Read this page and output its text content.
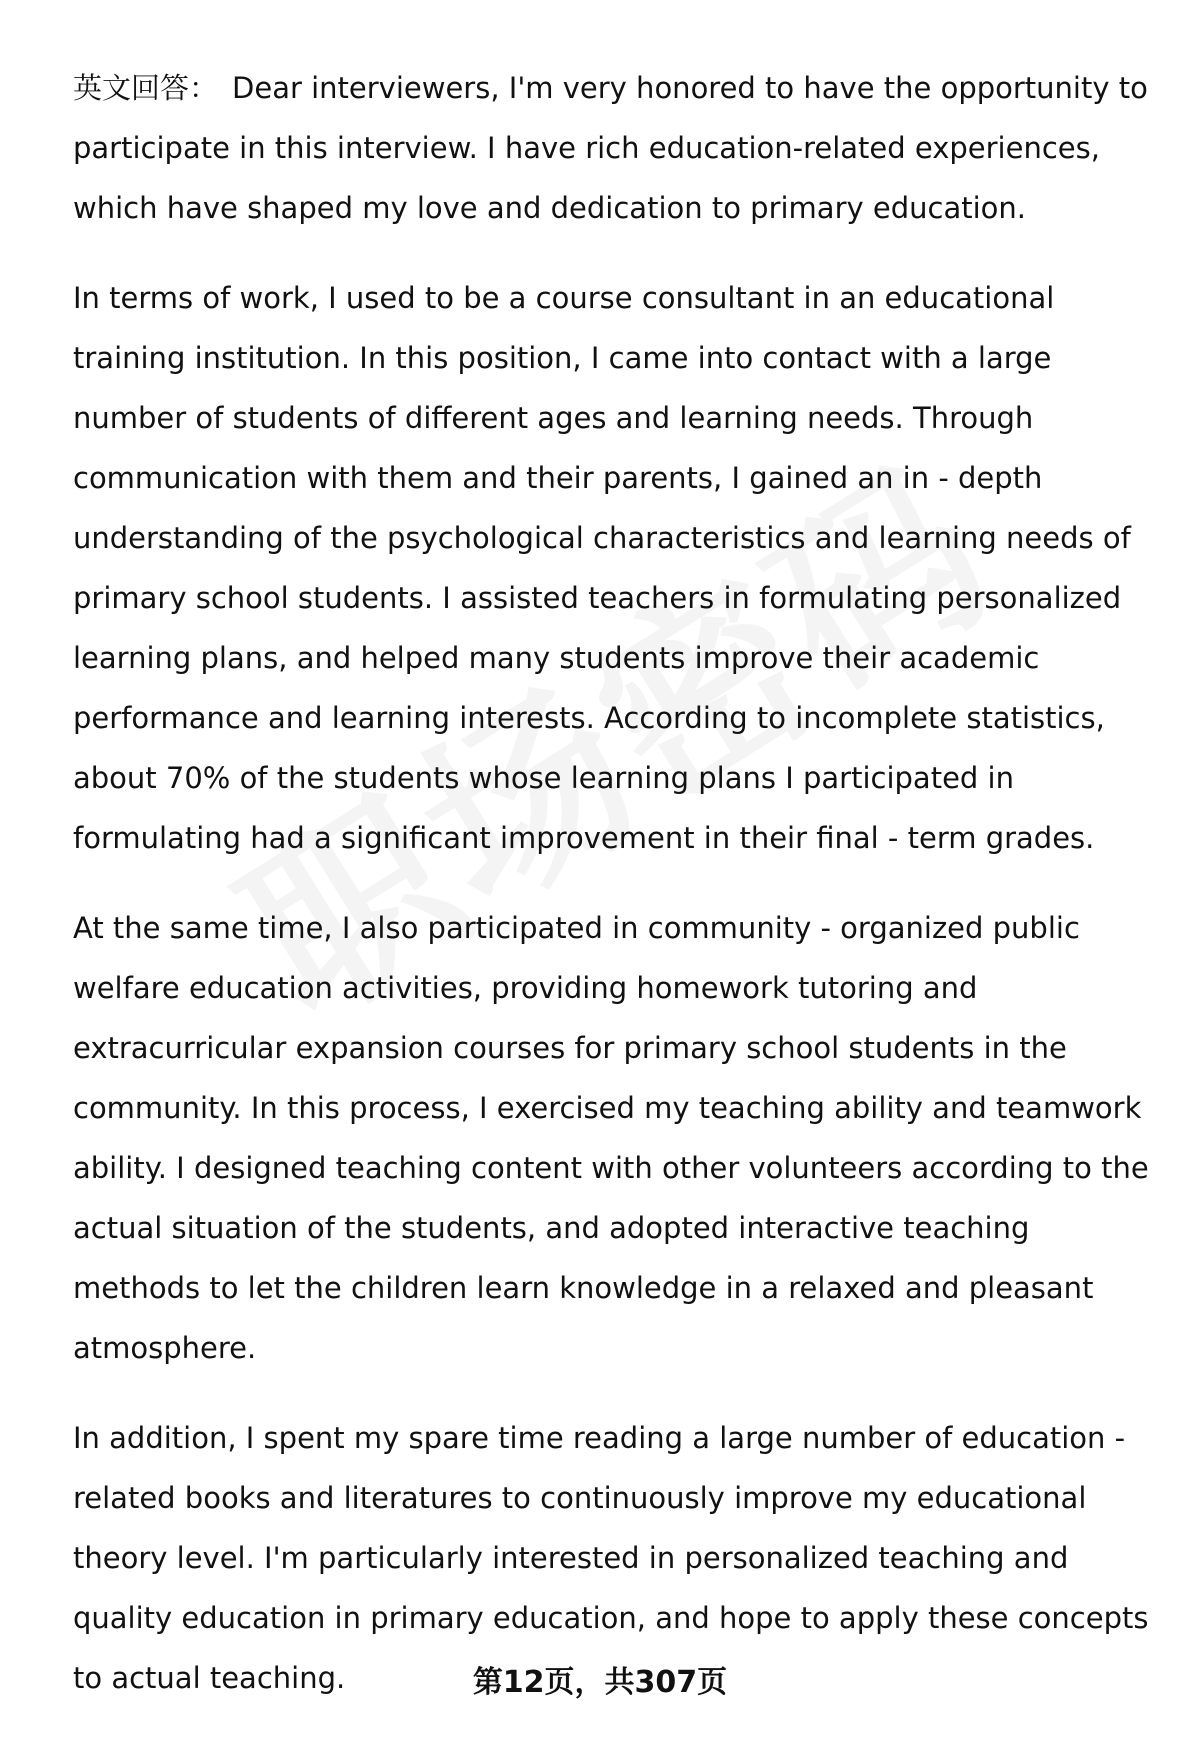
英文回答： Dear interviewers, I'm very honored to have the opportunity to participate in this interview. I have rich education-related experiences, which have shaped my love and dedication to primary education.

In terms of work, I used to be a course consultant in an educational training institution. In this position, I came into contact with a large number of students of different ages and learning needs. Through communication with them and their parents, I gained an in - depth understanding of the psychological characteristics and learning needs of primary school students. I assisted teachers in formulating personalized learning plans, and helped many students improve their academic performance and learning interests. According to incomplete statistics, about 70% of the students whose learning plans I participated in formulating had a significant improvement in their final - term grades.

At the same time, I also participated in community - organized public welfare education activities, providing homework tutoring and extracurricular expansion courses for primary school students in the community. In this process, I exercised my teaching ability and teamwork ability. I designed teaching content with other volunteers according to the actual situation of the students, and adopted interactive teaching methods to let the children learn knowledge in a relaxed and pleasant atmosphere.

In addition, I spent my spare time reading a large number of education - related books and literatures to continuously improve my educational theory level. I'm particularly interested in personalized teaching and quality education in primary education, and hope to apply these concepts to actual teaching.	第12页，共307页
